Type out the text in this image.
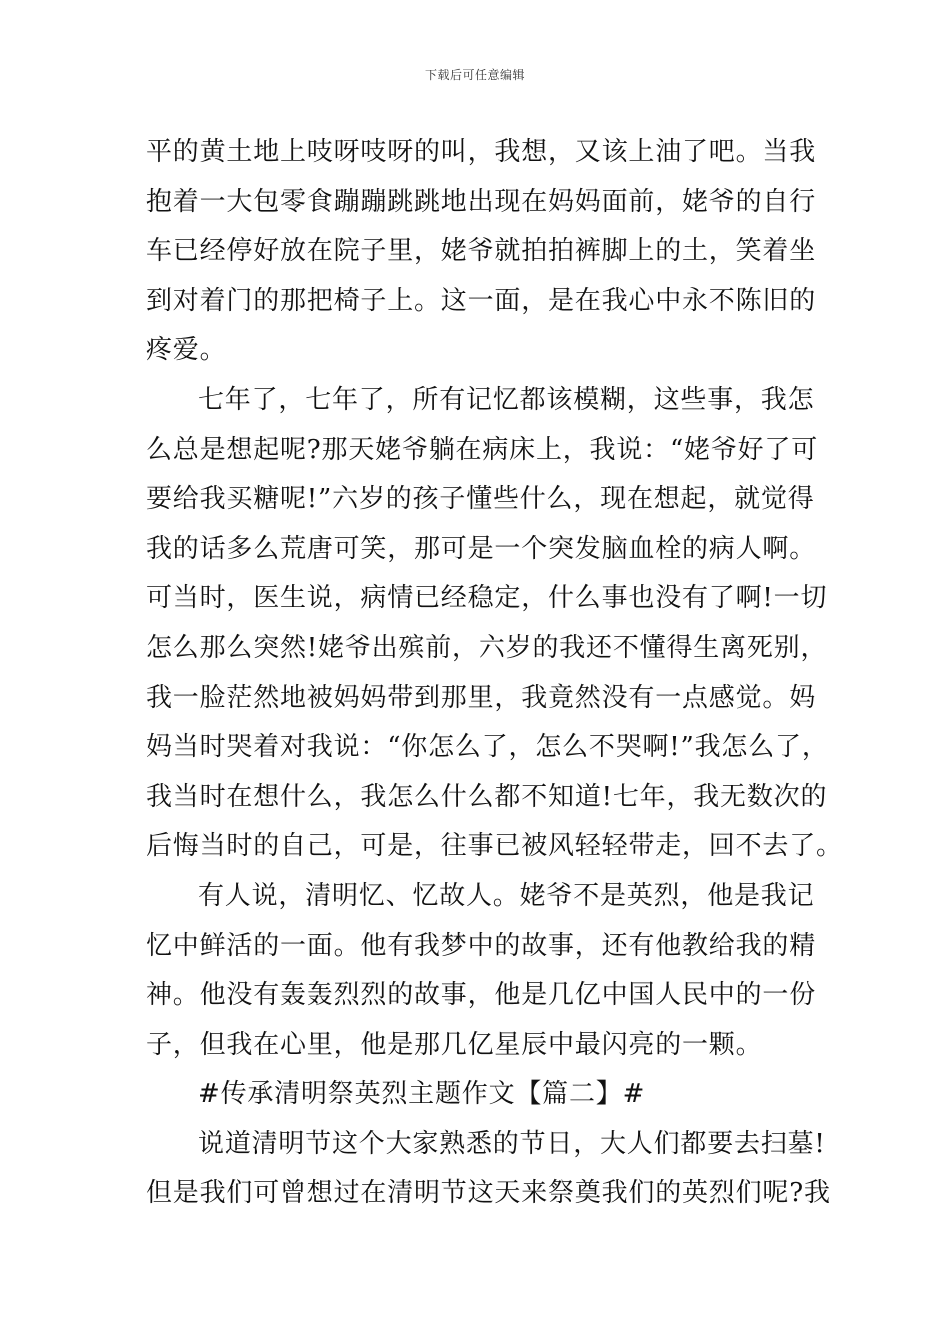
下载后可任意编辑
平的黄土地上吱呀吱呀的叫，我想，又该上油了吧。当我
抱着一大包零食蹦蹦跳跳地出现在妈妈面前，姥爷的自行
车已经停好放在院子里，姥爷就拍拍裤脚上的土，笑着坐
到对着门的那把椅子上。这一面，是在我心中永不陈旧的
疼爱。
七年了，七年了，所有记忆都该模糊，这些事，我怎
么总是想起呢?那天姥爷躺在病床上，我说：“姥爷好了可
要给我买糖呢!”六岁的孩子懂些什么，现在想起，就觉得
我的话多么荒唐可笑，那可是一个突发脑血栓的病人啊。
可当时，医生说，病情已经稳定，什么事也没有了啊!一切
怎么那么突然!姥爷出殡前，六岁的我还不懂得生离死别，
我一脸茫然地被妈妈带到那里，我竟然没有一点感觉。妈
妈当时哭着对我说：“你怎么了，怎么不哭啊!”我怎么了，
我当时在想什么，我怎么什么都不知道!七年，我无数次的
后悔当时的自己，可是，往事已被风轻轻带走，回不去了。
有人说，清明忆、忆故人。姥爷不是英烈，他是我记
忆中鲜活的一面。他有我梦中的故事，还有他教给我的精
神。他没有轰轰烈烈的故事，他是几亿中国人民中的一份
子，但我在心里，他是那几亿星辰中最闪亮的一颗。
#传承清明祭英烈主题作文【篇二】#
说道清明节这个大家熟悉的节日，大人们都要去扫墓!
但是我们可曾想过在清明节这天来祭奠我们的英烈们呢?我
